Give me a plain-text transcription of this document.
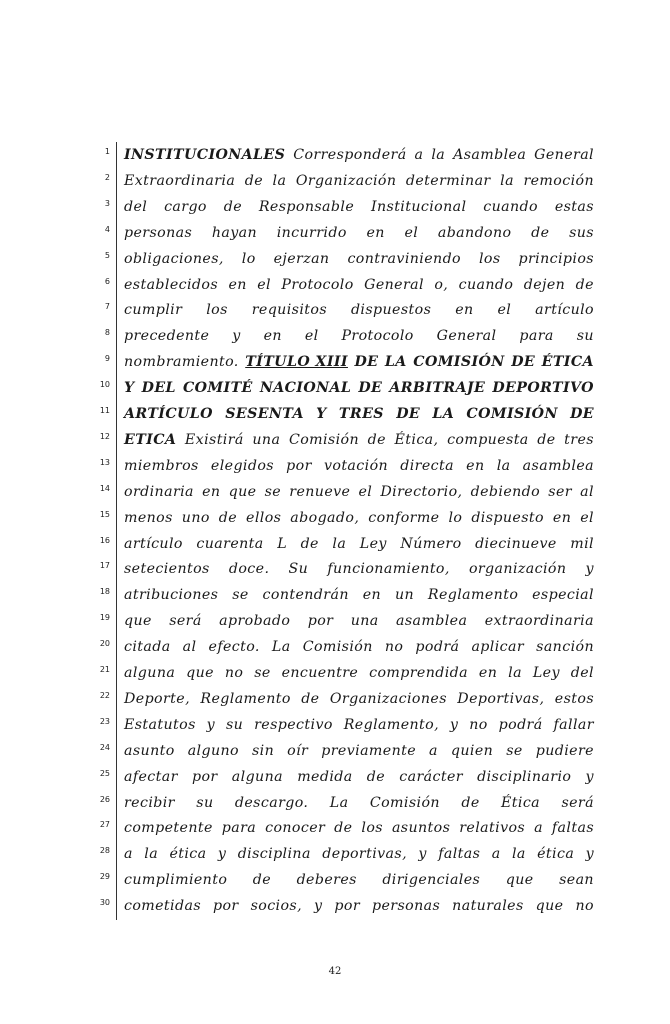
1 INSTITUCIONALES Corresponderá a la Asamblea General
2 Extraordinaria de la Organización determinar la remoción
3 del cargo de Responsable Institucional cuando estas
4 personas hayan incurrido en el abandono de sus
5 obligaciones, lo ejerzan contraviniendo los principios
6 establecidos en el Protocolo General o, cuando dejen de
7 cumplir los requisitos dispuestos en el artículo
8 precedente y en el Protocolo General para su
9 nombramiento. TÍTULO XIII DE LA COMISIÓN DE ÉTICA
10 Y DEL COMITÉ NACIONAL DE ARBITRAJE DEPORTIVO
11 ARTÍCULO SESENTA Y TRES DE LA COMISIÓN DE
12 ETICA Existirá una Comisión de Ética, compuesta de tres
13 miembros elegidos por votación directa en la asamblea
14 ordinaria en que se renueve el Directorio, debiendo ser al
15 menos uno de ellos abogado, conforme lo dispuesto en el
16 artículo cuarenta L de la Ley Número diecinueve mil
17 setecientos doce. Su funcionamiento, organización y
18 atribuciones se contendrán en un Reglamento especial
19 que será aprobado por una asamblea extraordinaria
20 citada al efecto. La Comisión no podrá aplicar sanción
21 alguna que no se encuentre comprendida en la Ley del
22 Deporte, Reglamento de Organizaciones Deportivas, estos
23 Estatutos y su respectivo Reglamento, y no podrá fallar
24 asunto alguno sin oír previamente a quien se pudiere
25 afectar por alguna medida de carácter disciplinario y
26 recibir su descargo. La Comisión de Ética será
27 competente para conocer de los asuntos relativos a faltas
28 a la ética y disciplina deportivas, y faltas a la ética y
29 cumplimiento de deberes dirigenciales que sean
30 cometidas por socios, y por personas naturales que no
42
